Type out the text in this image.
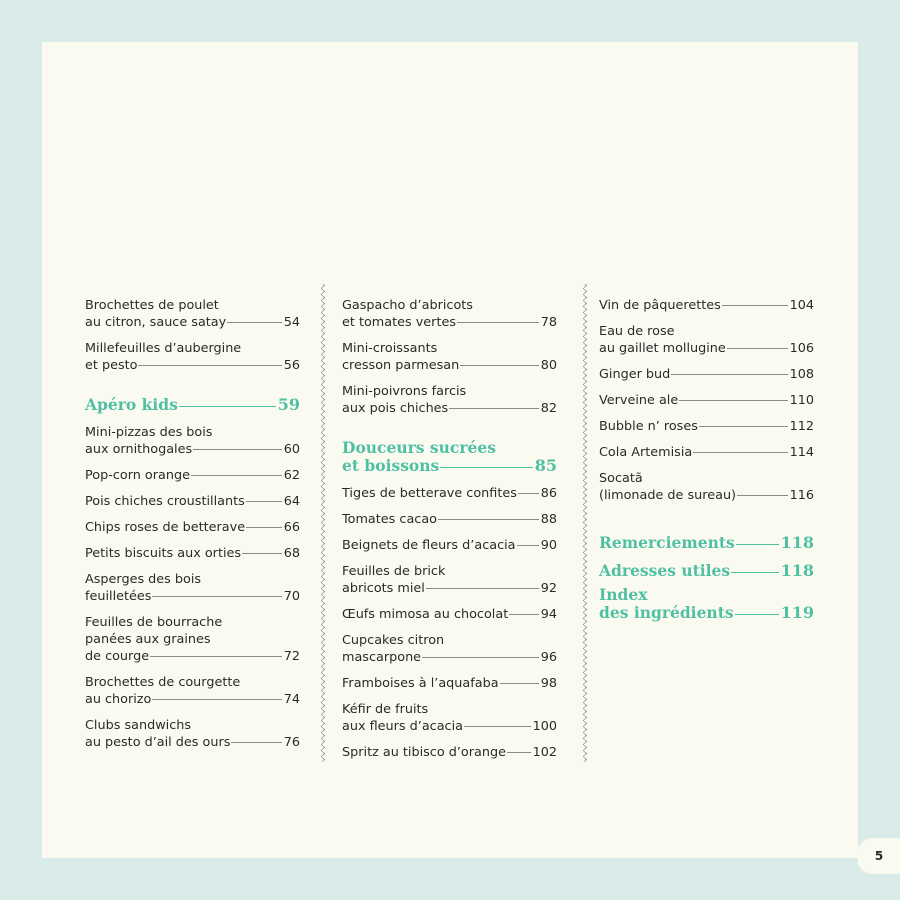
Brochettes de poulet
au citron, sauce satay	54
Millefeuilles d’aubergine
et pesto	56
Apéro kids	59
Mini-pizzas des bois
aux ornithogales	60
Pop-corn orange	62
Pois chiches croustillants	64
Chips roses de betterave	66
Petits biscuits aux orties	68
Asperges des bois
feuilletées	70
Feuilles de bourrache
panées aux graines
de courge	72
Brochettes de courgette
au chorizo	74
Clubs sandwichs
au pesto d’ail des ours	76
Gaspacho d’abricots
et tomates vertes	78
Mini-croissants
cresson parmesan	80
Mini-poivrons farcis
aux pois chiches	82
Douceurs sucrées
et boissons	85
Tiges de betterave confites 86
Tomates cacao	88
Beignets de fleurs d’acacia 90
Feuilles de brick
abricots miel	92
Œufs mimosa au chocolat	94
Cupcakes citron
mascarpone	96
Framboises à l’aquafaba	98
Kéfir de fruits
aux fleurs d’acacia	100
Spritz au tibisco d’orange 102
Vin de pâquerettes	104
Eau de rose
au gaillet mollugine	106
Ginger bud	108
Verveine ale	110
Bubble n’ roses	112
Cola Artemisia	114
Socatã
(limonade de sureau)	116
Remerciements	118
Adresses utiles	118
Index
des ingrédients	119
5
